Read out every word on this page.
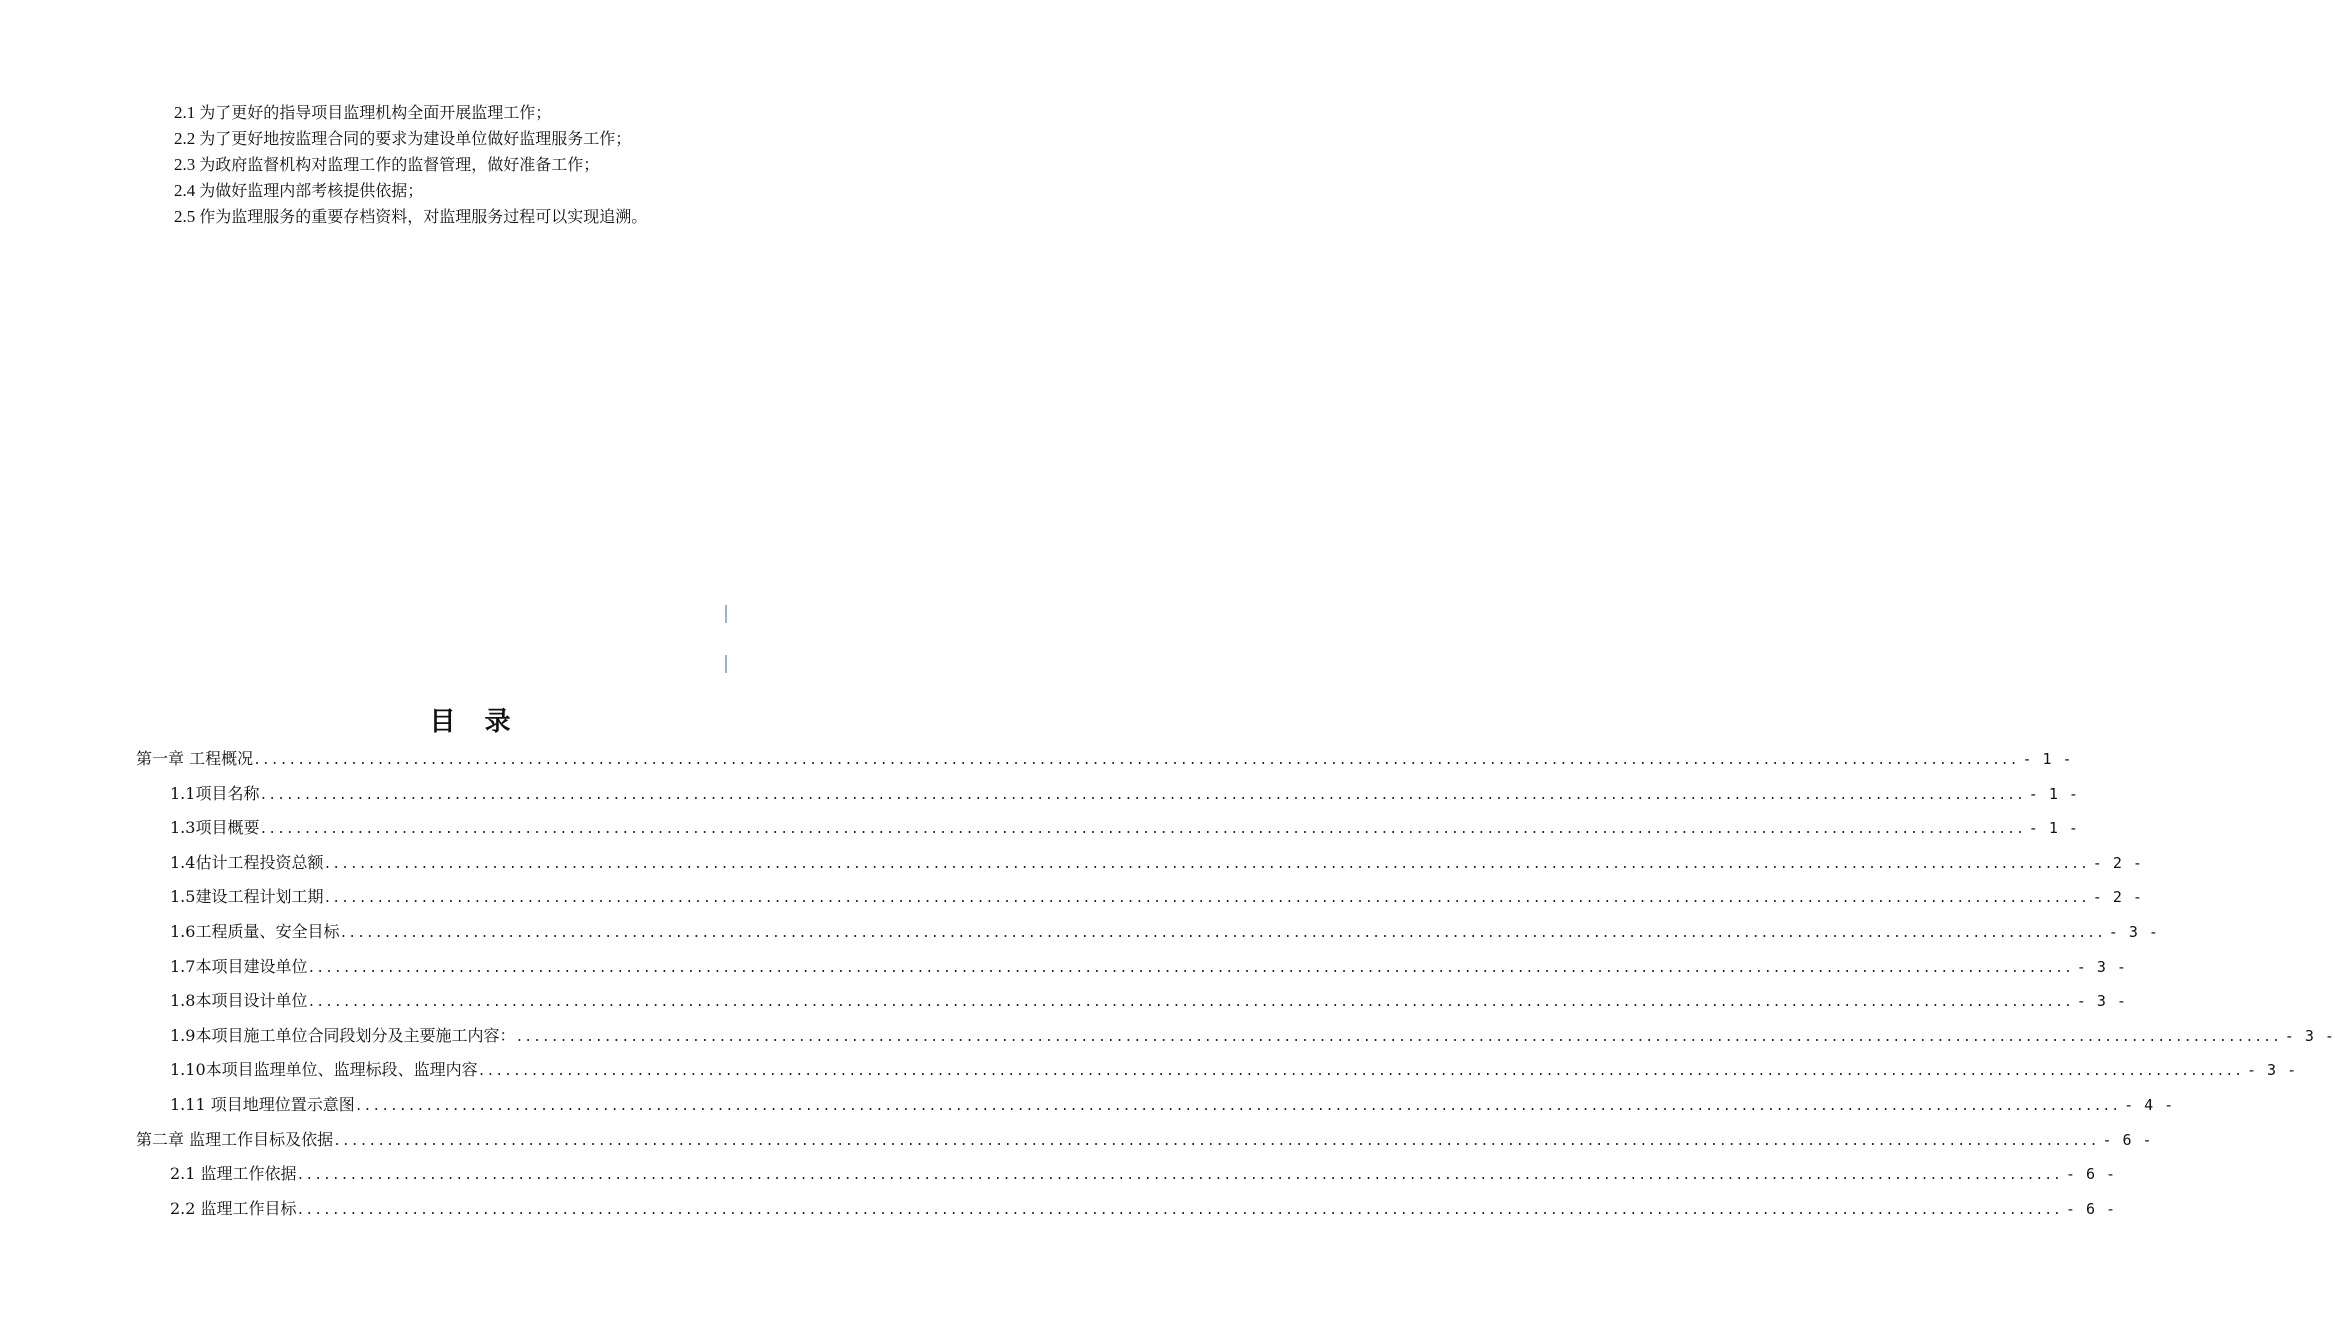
2.1 为了更好的指导项目监理机构全面开展监理工作；
2.2 为了更好地按监理合同的要求为建设单位做好监理服务工作；
2.3 为政府监督机构对监理工作的监督管理，做好准备工作；
2.4 为做好监理内部考核提供依据；
2.5 作为监理服务的重要存档资料，对监理服务过程可以实现追溯。
目 录
第一章 工程概况 ........................................................................................................................................................................................................ - 1 -
1.1项目名称 ........................................................................................................................................................................................................ - 1 -
1.3项目概要 ........................................................................................................................................................................................................ - 1 -
1.4估计工程投资总额 ........................................................................................................................................................................................................ - 2 -
1.5建设工程计划工期 ........................................................................................................................................................................................................ - 2 -
1.6工程质量、安全目标 ........................................................................................................................................................................................................ - 3 -
1.7本项目建设单位 ........................................................................................................................................................................................................ - 3 -
1.8本项目设计单位 ........................................................................................................................................................................................................ - 3 -
1.9本项目施工单位合同段划分及主要施工内容： ........................................................................................................................................................................................................ - 3 -
1.10本项目监理单位、监理标段、监理内容 ........................................................................................................................................................................................................ - 3 -
1.11 项目地理位置示意图 ........................................................................................................................................................................................................ - 4 -
第二章 监理工作目标及依据 ........................................................................................................................................................................................................ - 6 -
2.1 监理工作依据 ........................................................................................................................................................................................................ - 6 -
2.2 监理工作目标 ........................................................................................................................................................................................................ - 6 -
